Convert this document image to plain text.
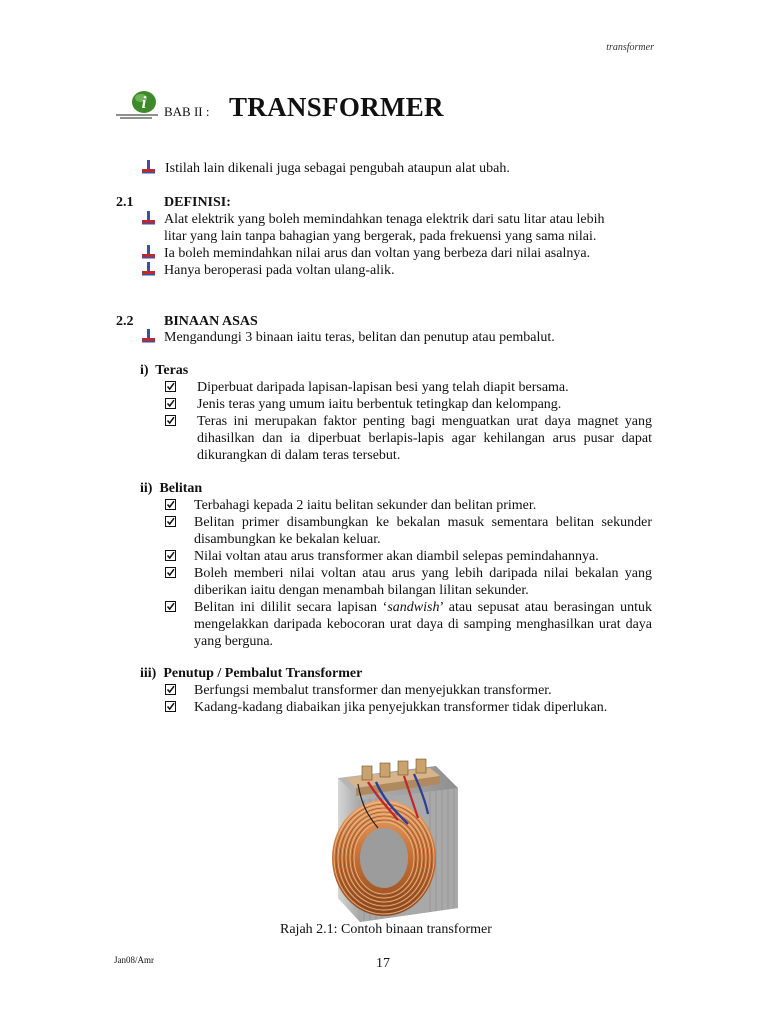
transformer
i BAB II : TRANSFORMER
Istilah lain dikenali juga sebagai pengubah ataupun alat ubah.
2.1 DEFINISI:
Alat elektrik yang boleh memindahkan tenaga elektrik dari satu litar atau lebih
litar yang lain tanpa bahagian yang bergerak, pada frekuensi yang sama nilai.
Ia boleh memindahkan nilai arus dan voltan yang berbeza dari nilai asalnya.
Hanya beroperasi pada voltan ulang-alik.
2.2 BINAAN ASAS
Mengandungi 3 binaan iaitu teras, belitan dan penutup atau pembalut.
i)  Teras
Diperbuat daripada lapisan-lapisan besi yang telah diapit bersama.
Jenis teras yang umum iaitu berbentuk tetingkap dan kelompang.
Teras ini merupakan faktor penting bagi menguatkan urat daya magnet yang dihasilkan dan ia diperbuat berlapis-lapis agar kehilangan arus pusar dapat dikurangkan di dalam teras tersebut.
ii)  Belitan
Terbahagi kepada 2 iaitu belitan sekunder dan belitan primer.
Belitan primer disambungkan ke bekalan masuk sementara belitan sekunder disambungkan ke bekalan keluar.
Nilai voltan atau arus transformer akan diambil selepas pemindahannya.
Boleh memberi nilai voltan atau arus yang lebih daripada nilai bekalan yang diberikan iaitu dengan menambah bilangan lilitan sekunder.
Belitan ini dililit secara lapisan ‘sandwish’ atau sepusat atau berasingan untuk mengelakkan daripada kebocoran urat daya di samping menghasilkan urat daya yang berguna.
iii)  Penutup / Pembalut Transformer
Berfungsi membalut transformer dan menyejukkan transformer.
Kadang-kadang diabaikan jika penyejukkan transformer tidak diperlukan.
Rajah 2.1: Contoh binaan transformer
Jan08/Amr	17
